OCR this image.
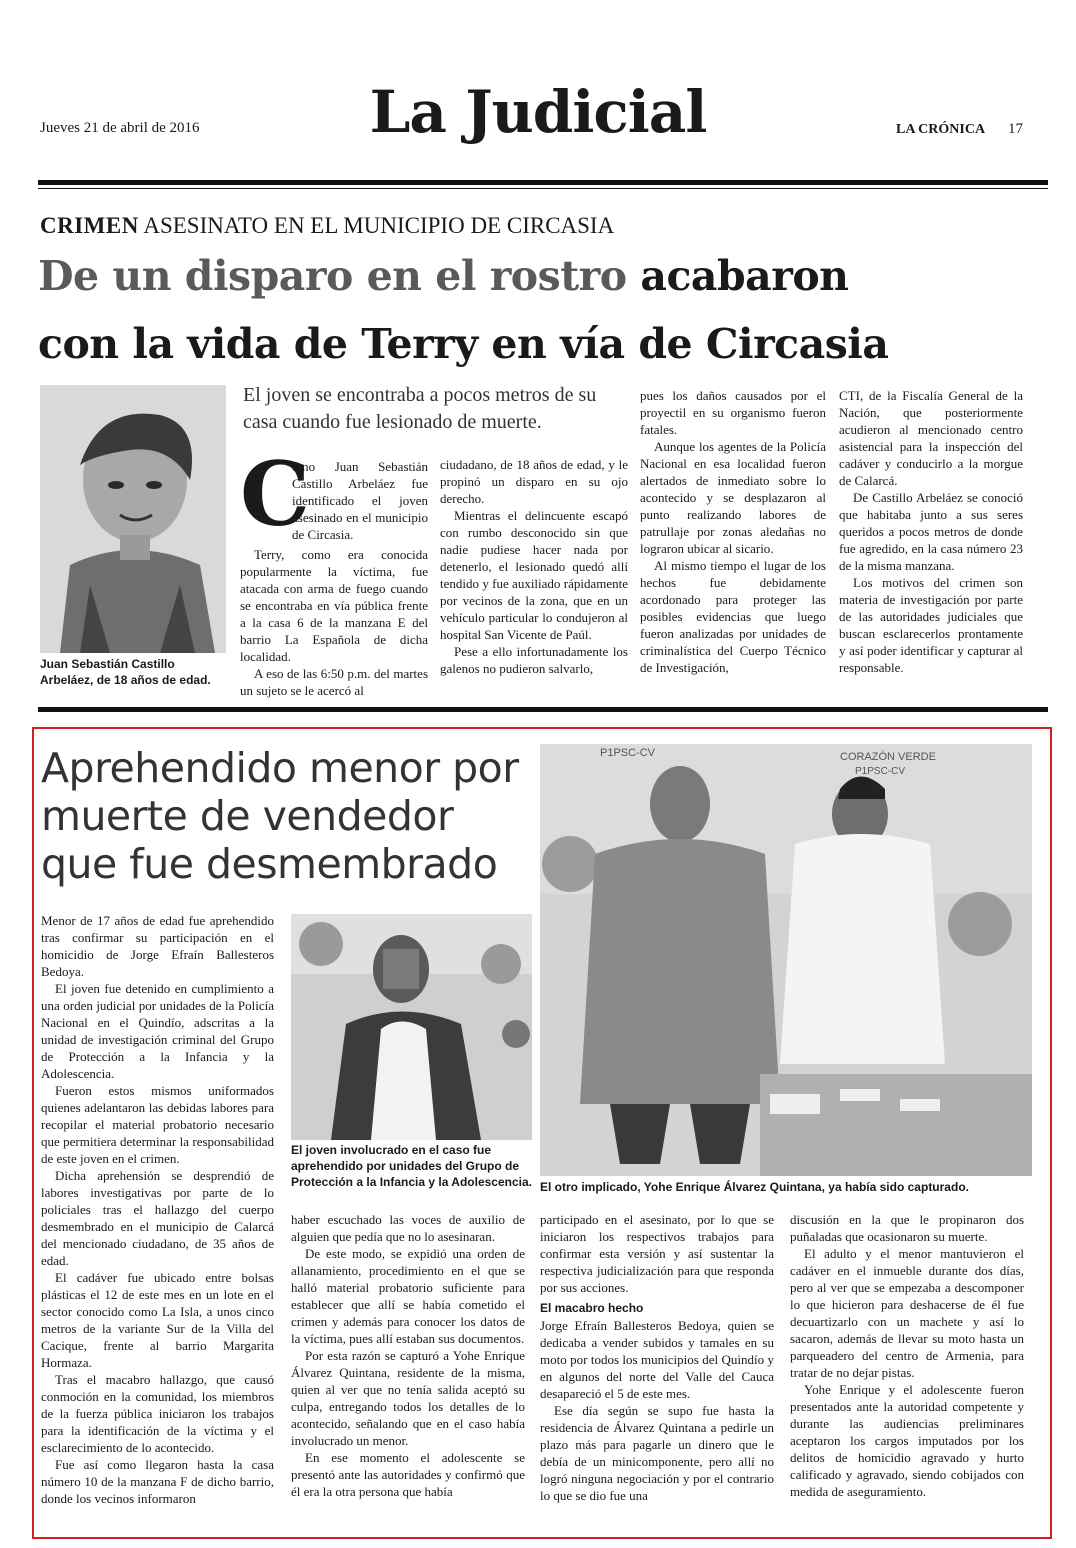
Jueves 21 de abril de 2016	La Judicial	LA CRÓNICA 17
CRIMEN ASESINATO EN EL MUNICIPIO DE CIRCASIA
De un disparo en el rostro acabaron
con la vida de Terry en vía de Circasia
Juan Sebastián Castillo Arbeláez, de 18 años de edad.
El joven se encontraba a pocos metros de su casa cuando fue lesionado de muerte.
C

omo Juan Sebastián Castillo Arbeláez fue identificado el joven asesinado en el municipio de Circasia.

Terry, como era conocida popularmente la víctima, fue atacada con arma de fuego cuando se encontraba en vía pública frente a la casa 6 de la manzana E del barrio La Española de dicha localidad.

A eso de las 6:50 p.m. del martes un sujeto se le acercó al

ciudadano, de 18 años de edad, y le propinó un disparo en su ojo derecho.

Mientras el delincuente escapó con rumbo desconocido sin que nadie pudiese hacer nada por detenerlo, el lesionado quedó allí tendido y fue auxiliado rápidamente por vecinos de la zona, que en un vehículo particular lo condujeron al hospital San Vicente de Paúl.

Pese a ello infortunadamente los galenos no pudieron salvarlo,

pues los daños causados por el proyectil en su organismo fueron fatales.

Aunque los agentes de la Policía Nacional en esa localidad fueron alertados de inmediato sobre lo acontecido y se desplazaron al punto realizando labores de patrullaje por zonas aledañas no lograron ubicar al sicario.

Al mismo tiempo el lugar de los hechos fue debidamente acordonado para proteger las posibles evidencias que luego fueron analizadas por unidades de criminalística del Cuerpo Técnico de Investigación,

CTI, de la Fiscalía General de la Nación, que posteriormente acudieron al mencionado centro asistencial para la inspección del cadáver y conducirlo a la morgue de Calarcá.

De Castillo Arbeláez se conoció que habitaba junto a sus seres queridos a pocos metros de donde fue agredido, en la casa número 23 de la misma manzana.

Los motivos del crimen son materia de investigación por parte de las autoridades judiciales que buscan esclarecerlos prontamente y así poder identificar y capturar al responsable.

Aprehendido menor por muerte de vendedor que fue desmembrado
El joven involucrado en el caso fue aprehendido por unidades del Grupo de Protección a la Infancia y la Adolescencia.
P1PSC-CV	CORAZÓN VERDE
P1PSC-CV
El otro implicado, Yohe Enrique Álvarez Quintana, ya había sido capturado.

Menor de 17 años de edad fue aprehendido tras confirmar su participación en el homicidio de Jorge Efraín Ballesteros Bedoya.

El joven fue detenido en cumplimiento a una orden judicial por unidades de la Policía Nacional en el Quindío, adscritas a la unidad de investigación criminal del Grupo de Protección a la Infancia y la Adolescencia.

Fueron estos mismos uniformados quienes adelantaron las debidas labores para recopilar el material probatorio necesario que permitiera determinar la responsabilidad de este joven en el crimen.

Dicha aprehensión se desprendió de labores investigativas por parte de lo policiales tras el hallazgo del cuerpo desmembrado en el municipio de Calarcá del mencionado ciudadano, de 35 años de edad.

El cadáver fue ubicado entre bolsas plásticas el 12 de este mes en un lote en el sector conocido como La Isla, a unos cinco metros de la variante Sur de la Villa del Cacique, frente al barrio Margarita Hormaza.

Tras el macabro hallazgo, que causó conmoción en la comunidad, los miembros de la fuerza pública iniciaron los trabajos para la identificación de la víctima y el esclarecimiento de lo acontecido.

Fue así como llegaron hasta la casa número 10 de la manzana F de dicho barrio, donde los vecinos informaron

haber escuchado las voces de auxilio de alguien que pedía que no lo asesinaran.

De este modo, se expidió una orden de allanamiento, procedimiento en el que se halló material probatorio suficiente para establecer que allí se había cometido el crimen y además para conocer los datos de la víctima, pues allí estaban sus documentos.

Por esta razón se capturó a Yohe Enrique Álvarez Quintana, residente de la misma, quien al ver que no tenía salida aceptó su culpa, entregando todos los detalles de lo acontecido, señalando que en el caso había involucrado un menor.

En ese momento el adolescente se presentó ante las autoridades y confirmó que él era la otra persona que había

participado en el asesinato, por lo que se iniciaron los respectivos trabajos para confirmar esta versión y así sustentar la respectiva judicialización para que responda por sus acciones.

El macabro hecho

Jorge Efraín Ballesteros Bedoya, quien se dedicaba a vender subidos y tamales en su moto por todos los municipios del Quindío y en algunos del norte del Valle del Cauca desapareció el 5 de este mes.

Ese día según se supo fue hasta la residencia de Álvarez Quintana a pedirle un plazo más para pagarle un dinero que le debía de un minicomponente, pero allí no logró ninguna negociación y por el contrario lo que se dio fue una

discusión en la que le propinaron dos puñaladas que ocasionaron su muerte.

El adulto y el menor mantuvieron el cadáver en el inmueble durante dos días, pero al ver que se empezaba a descomponer lo que hicieron para deshacerse de él fue decuartizarlo con un machete y así lo sacaron, además de llevar su moto hasta un parqueadero del centro de Armenia, para tratar de no dejar pistas.

Yohe Enrique y el adolescente fueron presentados ante la autoridad competente y durante las audiencias preliminares aceptaron los cargos imputados por los delitos de homicidio agravado y hurto calificado y agravado, siendo cobijados con medida de aseguramiento.
